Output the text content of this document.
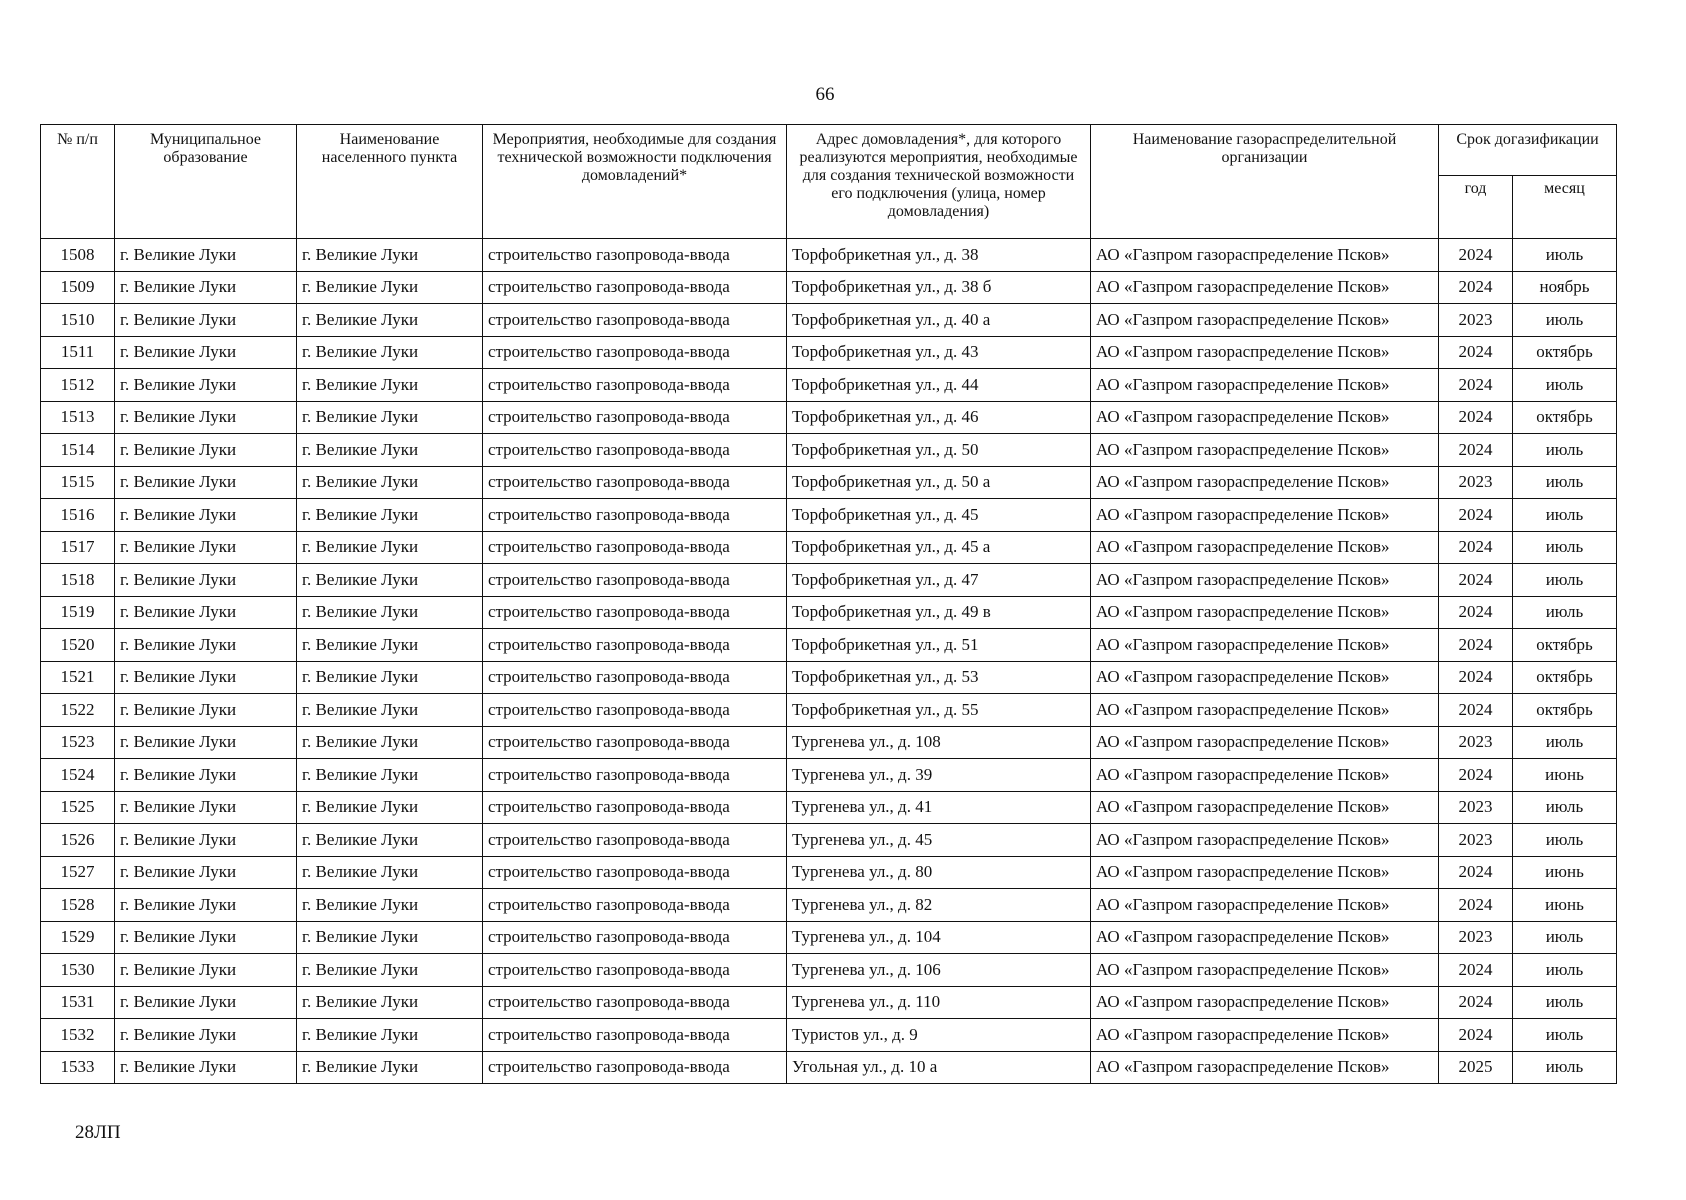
66
№ п/п	Муниципальное образование	Наименование населенного пункта	Мероприятия, необходимые для создания технической возможности подключения домовладений*	Адрес домовладения*, для которого реализуются мероприятия, необходимые для создания технической возможности его подключения (улица, номер домовладения)	Наименование газораспределительной организации	Срок догазификации	
						год	месяц
1508	г. Великие Луки	г. Великие Луки	строительство газопровода-ввода	Торфобрикетная ул., д. 38	АО «Газпром газораспределение Псков»	2024	июль
1509	г. Великие Луки	г. Великие Луки	строительство газопровода-ввода	Торфобрикетная ул., д. 38 б	АО «Газпром газораспределение Псков»	2024	ноябрь
1510	г. Великие Луки	г. Великие Луки	строительство газопровода-ввода	Торфобрикетная ул., д. 40 а	АО «Газпром газораспределение Псков»	2023	июль
1511	г. Великие Луки	г. Великие Луки	строительство газопровода-ввода	Торфобрикетная ул., д. 43	АО «Газпром газораспределение Псков»	2024	октябрь
1512	г. Великие Луки	г. Великие Луки	строительство газопровода-ввода	Торфобрикетная ул., д. 44	АО «Газпром газораспределение Псков»	2024	июль
1513	г. Великие Луки	г. Великие Луки	строительство газопровода-ввода	Торфобрикетная ул., д. 46	АО «Газпром газораспределение Псков»	2024	октябрь
1514	г. Великие Луки	г. Великие Луки	строительство газопровода-ввода	Торфобрикетная ул., д. 50	АО «Газпром газораспределение Псков»	2024	июль
1515	г. Великие Луки	г. Великие Луки	строительство газопровода-ввода	Торфобрикетная ул., д. 50 а	АО «Газпром газораспределение Псков»	2023	июль
1516	г. Великие Луки	г. Великие Луки	строительство газопровода-ввода	Торфобрикетная ул., д. 45	АО «Газпром газораспределение Псков»	2024	июль
1517	г. Великие Луки	г. Великие Луки	строительство газопровода-ввода	Торфобрикетная ул., д. 45 а	АО «Газпром газораспределение Псков»	2024	июль
1518	г. Великие Луки	г. Великие Луки	строительство газопровода-ввода	Торфобрикетная ул., д. 47	АО «Газпром газораспределение Псков»	2024	июль
1519	г. Великие Луки	г. Великие Луки	строительство газопровода-ввода	Торфобрикетная ул., д. 49 в	АО «Газпром газораспределение Псков»	2024	июль
1520	г. Великие Луки	г. Великие Луки	строительство газопровода-ввода	Торфобрикетная ул., д. 51	АО «Газпром газораспределение Псков»	2024	октябрь
1521	г. Великие Луки	г. Великие Луки	строительство газопровода-ввода	Торфобрикетная ул., д. 53	АО «Газпром газораспределение Псков»	2024	октябрь
1522	г. Великие Луки	г. Великие Луки	строительство газопровода-ввода	Торфобрикетная ул., д. 55	АО «Газпром газораспределение Псков»	2024	октябрь
1523	г. Великие Луки	г. Великие Луки	строительство газопровода-ввода	Тургенева ул., д. 108	АО «Газпром газораспределение Псков»	2023	июль
1524	г. Великие Луки	г. Великие Луки	строительство газопровода-ввода	Тургенева ул., д. 39	АО «Газпром газораспределение Псков»	2024	июнь
1525	г. Великие Луки	г. Великие Луки	строительство газопровода-ввода	Тургенева ул., д. 41	АО «Газпром газораспределение Псков»	2023	июль
1526	г. Великие Луки	г. Великие Луки	строительство газопровода-ввода	Тургенева ул., д. 45	АО «Газпром газораспределение Псков»	2023	июль
1527	г. Великие Луки	г. Великие Луки	строительство газопровода-ввода	Тургенева ул., д. 80	АО «Газпром газораспределение Псков»	2024	июнь
1528	г. Великие Луки	г. Великие Луки	строительство газопровода-ввода	Тургенева ул., д. 82	АО «Газпром газораспределение Псков»	2024	июнь
1529	г. Великие Луки	г. Великие Луки	строительство газопровода-ввода	Тургенева ул., д. 104	АО «Газпром газораспределение Псков»	2023	июль
1530	г. Великие Луки	г. Великие Луки	строительство газопровода-ввода	Тургенева ул., д. 106	АО «Газпром газораспределение Псков»	2024	июль
1531	г. Великие Луки	г. Великие Луки	строительство газопровода-ввода	Тургенева ул., д. 110	АО «Газпром газораспределение Псков»	2024	июль
1532	г. Великие Луки	г. Великие Луки	строительство газопровода-ввода	Туристов ул., д. 9	АО «Газпром газораспределение Псков»	2024	июль
1533	г. Великие Луки	г. Великие Луки	строительство газопровода-ввода	Угольная ул., д. 10 а	АО «Газпром газораспределение Псков»	2025	июль
28ЛП
